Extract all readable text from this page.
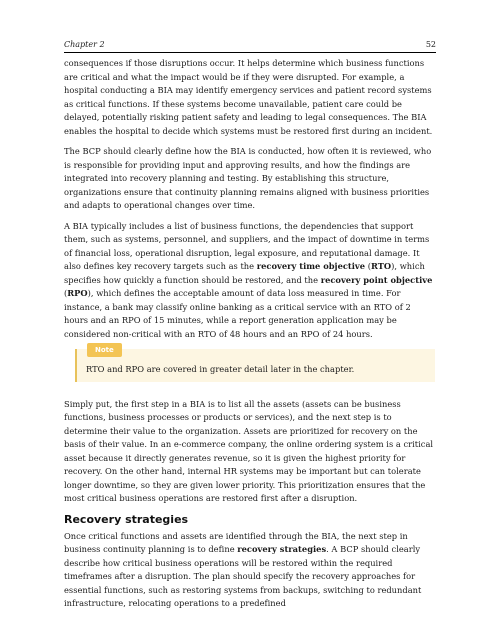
Chapter 2	52

consequences if those disruptions occur. It helps determine which business functions are critical and what the impact would be if they were disrupted. For example, a hospital conducting a BIA may identify emergency services and patient record systems as critical functions. If these systems become unavailable, patient care could be delayed, potentially risking patient safety and leading to legal consequences. The BIA enables the hospital to decide which systems must be restored first during an incident.

The BCP should clearly define how the BIA is conducted, how often it is reviewed, who is responsible for providing input and approving results, and how the findings are integrated into recovery planning and testing. By establishing this structure, organizations ensure that continuity planning remains aligned with business priorities and adapts to operational changes over time.

A BIA typically includes a list of business functions, the dependencies that support them, such as systems, personnel, and suppliers, and the impact of downtime in terms of financial loss, operational disruption, legal exposure, and reputational damage. It also defines key recovery targets such as the recovery time objective (RTO), which specifies how quickly a function should be restored, and the recovery point objective (RPO), which defines the acceptable amount of data loss measured in time. For instance, a bank may classify online banking as a critical service with an RTO of 2 hours and an RPO of 15 minutes, while a report generation application may be considered non-critical with an RTO of 48 hours and an RPO of 24 hours.

Note

RTO and RPO are covered in greater detail later in the chapter.

Simply put, the first step in a BIA is to list all the assets (assets can be business functions, business processes or products or services), and the next step is to determine their value to the organization. Assets are prioritized for recovery on the basis of their value. In an e-commerce company, the online ordering system is a critical asset because it directly generates revenue, so it is given the highest priority for recovery. On the other hand, internal HR systems may be important but can tolerate longer downtime, so they are given lower priority. This prioritization ensures that the most critical business operations are restored first after a disruption.

Recovery strategies

Once critical functions and assets are identified through the BIA, the next step in business continuity planning is to define recovery strategies. A BCP should clearly describe how critical business operations will be restored within the required timeframes after a disruption. The plan should specify the recovery approaches for essential functions, such as restoring systems from backups, switching to redundant infrastructure, relocating operations to a predefined
